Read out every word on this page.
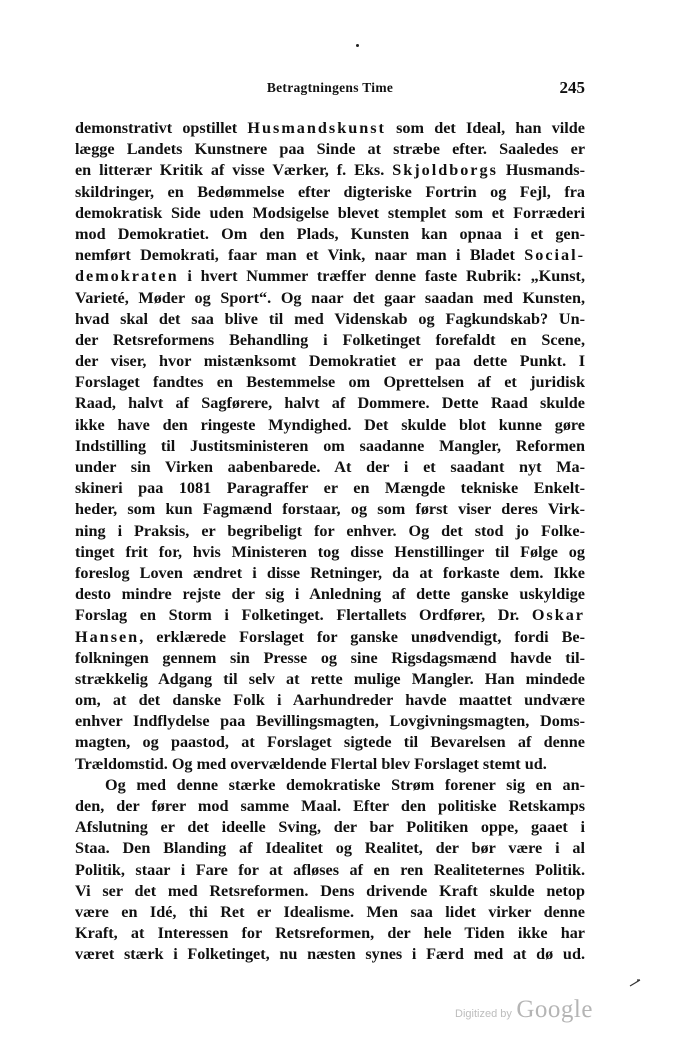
Betragtningens Time	245
demonstrativt opstillet Husmandskunst som det Ideal, han vilde
lægge Landets Kunstnere paa Sinde at stræbe efter. Saaledes er
en litterær Kritik af visse Værker, f. Eks. Skjoldborgs Husmands-
skildringer, en Bedømmelse efter digteriske Fortrin og Fejl, fra
demokratisk Side uden Modsigelse blevet stemplet som et Forræderi
mod Demokratiet. Om den Plads, Kunsten kan opnaa i et gen-
nemført Demokrati, faar man et Vink, naar man i Bladet Social-
demokraten i hvert Nummer træffer denne faste Rubrik: „Kunst,
Varieté, Møder og Sport“. Og naar det gaar saadan med Kunsten,
hvad skal det saa blive til med Videnskab og Fagkundskab? Un-
der Retsreformens Behandling i Folketinget forefaldt en Scene,
der viser, hvor mistænksomt Demokratiet er paa dette Punkt. I
Forslaget fandtes en Bestemmelse om Oprettelsen af et juridisk
Raad, halvt af Sagførere, halvt af Dommere. Dette Raad skulde
ikke have den ringeste Myndighed. Det skulde blot kunne gøre
Indstilling til Justitsministeren om saadanne Mangler, Reformen
under sin Virken aabenbarede. At der i et saadant nyt Ma-
skineri paa 1081 Paragraffer er en Mængde tekniske Enkelt-
heder, som kun Fagmænd forstaar, og som først viser deres Virk-
ning i Praksis, er begribeligt for enhver. Og det stod jo Folke-
tinget frit for, hvis Ministeren tog disse Henstillinger til Følge og
foreslog Loven ændret i disse Retninger, da at forkaste dem. Ikke
desto mindre rejste der sig i Anledning af dette ganske uskyldige
Forslag en Storm i Folketinget. Flertallets Ordfører, Dr. Oskar
Hansen, erklærede Forslaget for ganske unødvendigt, fordi Be-
folkningen gennem sin Presse og sine Rigsdagsmænd havde til-
strækkelig Adgang til selv at rette mulige Mangler. Han mindede
om, at det danske Folk i Aarhundreder havde maattet undvære
enhver Indflydelse paa Bevillingsmagten, Lovgivningsmagten, Doms-
magten, og paastod, at Forslaget sigtede til Bevarelsen af denne
Trældomstid. Og med overvældende Flertal blev Forslaget stemt ud.
Og med denne stærke demokratiske Strøm forener sig en an-
den, der fører mod samme Maal. Efter den politiske Retskamps
Afslutning er det ideelle Sving, der bar Politiken oppe, gaaet i
Staa. Den Blanding af Idealitet og Realitet, der bør være i al
Politik, staar i Fare for at afløses af en ren Realiteternes Politik.
Vi ser det med Retsreformen. Dens drivende Kraft skulde netop
være en Idé, thi Ret er Idealisme. Men saa lidet virker denne
Kraft, at Interessen for Retsreformen, der hele Tiden ikke har
været stærk i Folketinget, nu næsten synes i Færd med at dø ud.
Digitized by Google
